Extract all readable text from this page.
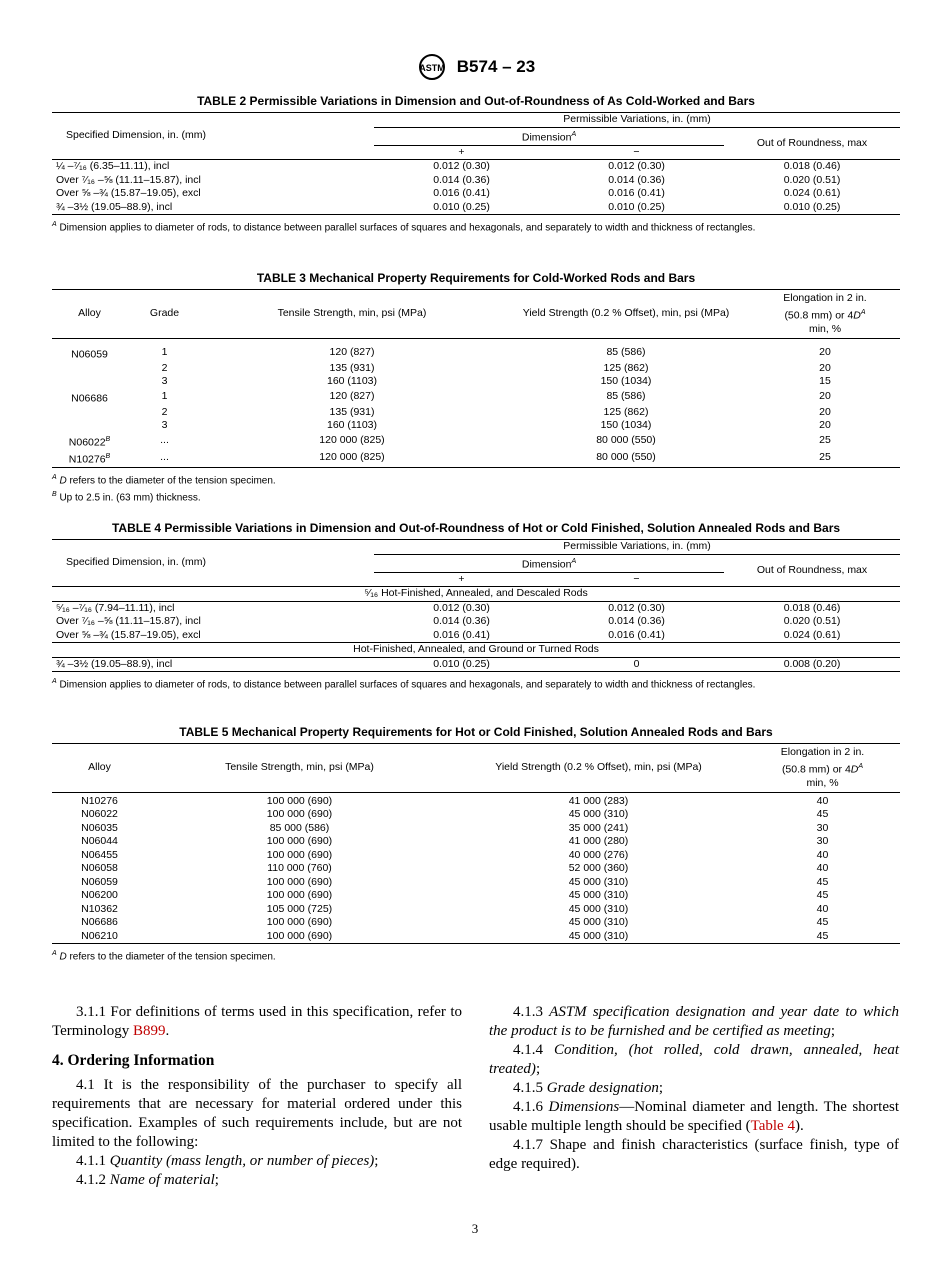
ASTM B574 – 23
TABLE 2 Permissible Variations in Dimension and Out-of-Roundness of As Cold-Worked and Bars
Specified Dimension, in. (mm)	Permissible Variations, in. (mm)		
	Dimension$^A$		Out of Roundness, max
	+	−	
¼ –⁷⁄₁₆ (6.35–11.11), incl	0.012 (0.30)	0.012 (0.30)	0.018 (0.46)
Over ⁷⁄₁₆ –⅝ (11.11–15.87), incl	0.014 (0.36)	0.014 (0.36)	0.020 (0.51)
Over ⅝ –¾ (15.87–19.05), excl	0.016 (0.41)	0.016 (0.41)	0.024 (0.61)
¾ –3½ (19.05–88.9), incl	0.010 (0.25)	0.010 (0.25)	0.010 (0.25)
$^A$ Dimension applies to diameter of rods, to distance between parallel surfaces of squares and hexagonals, and separately to width and thickness of rectangles.
TABLE 3 Mechanical Property Requirements for Cold-Worked Rods and Bars
Alloy	Grade	Tensile Strength, min, psi (MPa)	Yield Strength (0.2 % Offset), min, psi (MPa)	Elongation in 2 in.
(50.8 mm) or $4D^A$
min, %

N06059	1	120 (827)	85 (586)	20
	2	135 (931)	125 (862)	20
	3	160 (1103)	150 (1034)	15
N06686	1	120 (827)	85 (586)	20
	2	135 (931)	125 (862)	20
	3	160 (1103)	150 (1034)	20
$N06022^B$	...	120 000 (825)	80 000 (550)	25
$N10276^B$	...	120 000 (825)	80 000 (550)	25
$^A$ D refers to the diameter of the tension specimen.
$^B$ Up to 2.5 in. (63 mm) thickness.
TABLE 4 Permissible Variations in Dimension and Out-of-Roundness of Hot or Cold Finished, Solution Annealed Rods and Bars
Specified Dimension, in. (mm)	Permissible Variations, in. (mm)		
	Dimension$^A$		Out of Roundness, max
	+	−	
⁵⁄₁₆ Hot-Finished, Annealed, and Descaled Rods			
⁵⁄₁₆ –⁷⁄₁₆ (7.94–11.11), incl	0.012 (0.30)	0.012 (0.30)	0.018 (0.46)
Over ⁷⁄₁₆ –⅝ (11.11–15.87), incl	0.014 (0.36)	0.014 (0.36)	0.020 (0.51)
Over ⅝ –¾ (15.87–19.05), excl	0.016 (0.41)	0.016 (0.41)	0.024 (0.61)
Hot-Finished, Annealed, and Ground or Turned Rods			
¾ –3½ (19.05–88.9), incl	0.010 (0.25)	0	0.008 (0.20)
$^A$ Dimension applies to diameter of rods, to distance between parallel surfaces of squares and hexagonals, and separately to width and thickness of rectangles.
TABLE 5 Mechanical Property Requirements for Hot or Cold Finished, Solution Annealed Rods and Bars
Alloy	Tensile Strength, min, psi (MPa)	Yield Strength (0.2 % Offset), min, psi (MPa)	Elongation in 2 in.
(50.8 mm) or $4D^A$
min, %

N10276	100 000 (690)	41 000 (283)	40
N06022	100 000 (690)	45 000 (310)	45
N06035	85 000 (586)	35 000 (241)	30
N06044	100 000 (690)	41 000 (280)	30
N06455	100 000 (690)	40 000 (276)	40
N06058	110 000 (760)	52 000 (360)	40
N06059	100 000 (690)	45 000 (310)	45
N06200	100 000 (690)	45 000 (310)	45
N10362	105 000 (725)	45 000 (310)	40
N06686	100 000 (690)	45 000 (310)	45
N06210	100 000 (690)	45 000 (310)	45
$^A$ D refers to the diameter of the tension specimen.

3.1.1 For definitions of terms used in this specification, refer to Terminology B899.

4. Ordering Information

4.1 It is the responsibility of the purchaser to specify all requirements that are necessary for material ordered under this specification. Examples of such requirements include, but are not limited to the following:

4.1.1 Quantity (mass length, or number of pieces);

4.1.2 Name of material;

4.1.3 ASTM specification designation and year date to which the product is to be furnished and be certified as meeting;

4.1.4 Condition, (hot rolled, cold drawn, annealed, heat treated);

4.1.5 Grade designation;

4.1.6 Dimensions—Nominal diameter and length. The shortest usable multiple length should be specified (Table 4).

4.1.7 Shape and finish characteristics (surface finish, type of edge required).

3
